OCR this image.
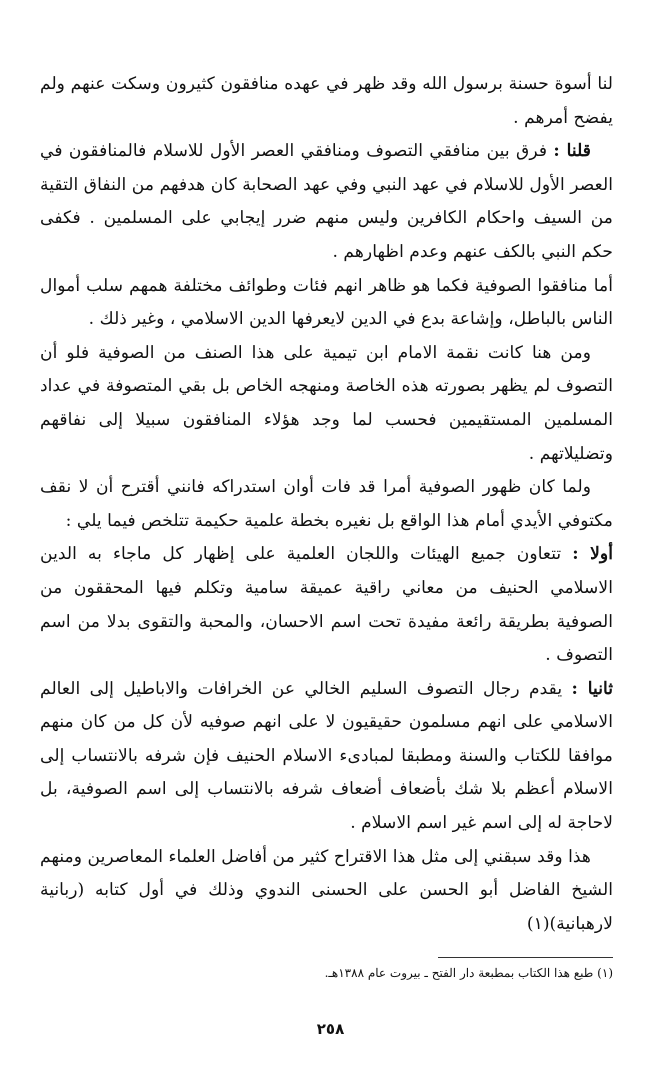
لنا أسوة حسنة برسول الله وقد ظهر في عهده منافقون كثيرون وسكت عنهم ولم يفضح أمرهم .

قلنا : فرق بين منافقي التصوف ومنافقي العصر الأول للاسلام فالمنافقون في العصر الأول للاسلام في عهد النبي وفي عهد الصحابة كان هدفهم من النفاق التقية من السيف واحكام الكافرين وليس منهم ضرر إيجابي على المسلمين . فكفى حكم النبي بالكف عنهم وعدم اظهارهم .

أما منافقوا الصوفية فكما هو ظاهر انهم فئات وطوائف مختلفة همهم سلب أموال الناس بالباطل، وإشاعة بدع في الدين لايعرفها الدين الاسلامي ، وغير ذلك .

ومن هنا كانت نقمة الامام ابن تيمية على هذا الصنف من الصوفية فلو أن التصوف لم يظهر بصورته هذه الخاصة ومنهجه الخاص بل بقي المتصوفة في عداد المسلمين المستقيمين فحسب لما وجد هؤلاء المنافقون سبيلا إلى نفاقهم وتضليلاتهم .

ولما كان ظهور الصوفية أمرا قد فات أوان استدراكه فانني أقترح أن لا نقف مكتوفي الأيدي أمام هذا الواقع بل نغيره بخطة علمية حكيمة تتلخص فيما يلي :

أولا : تتعاون جميع الهيئات واللجان العلمية على إظهار كل ماجاء به الدين الاسلامي الحنيف من معاني راقية عميقة سامية وتكلم فيها المحققون من الصوفية بطريقة رائعة مفيدة تحت اسم الاحسان، والمحبة والتقوى بدلا من اسم التصوف .

ثانيا : يقدم رجال التصوف السليم الخالي عن الخرافات والاباطيل إلى العالم الاسلامي على انهم مسلمون حقيقيون لا على انهم صوفيه لأن كل من كان منهم موافقا للكتاب والسنة ومطبقا لمبادىء الاسلام الحنيف فإن شرفه بالانتساب إلى الاسلام أعظم بلا شك بأضعاف أضعاف شرفه بالانتساب إلى اسم الصوفية، بل لاحاجة له إلى اسم غير اسم الاسلام .

هذا وقد سبقني إلى مثل هذا الاقتراح كثير من أفاضل العلماء المعاصرين ومنهم الشيخ الفاضل أبو الحسن على الحسنى الندوي وذلك في أول كتابه (ربانية لارهبانية)(١)

(١) طبع هذا الكتاب بمطبعة دار الفتح ـ بيروت عام ١٣٨٨هـ.
٢٥٨
